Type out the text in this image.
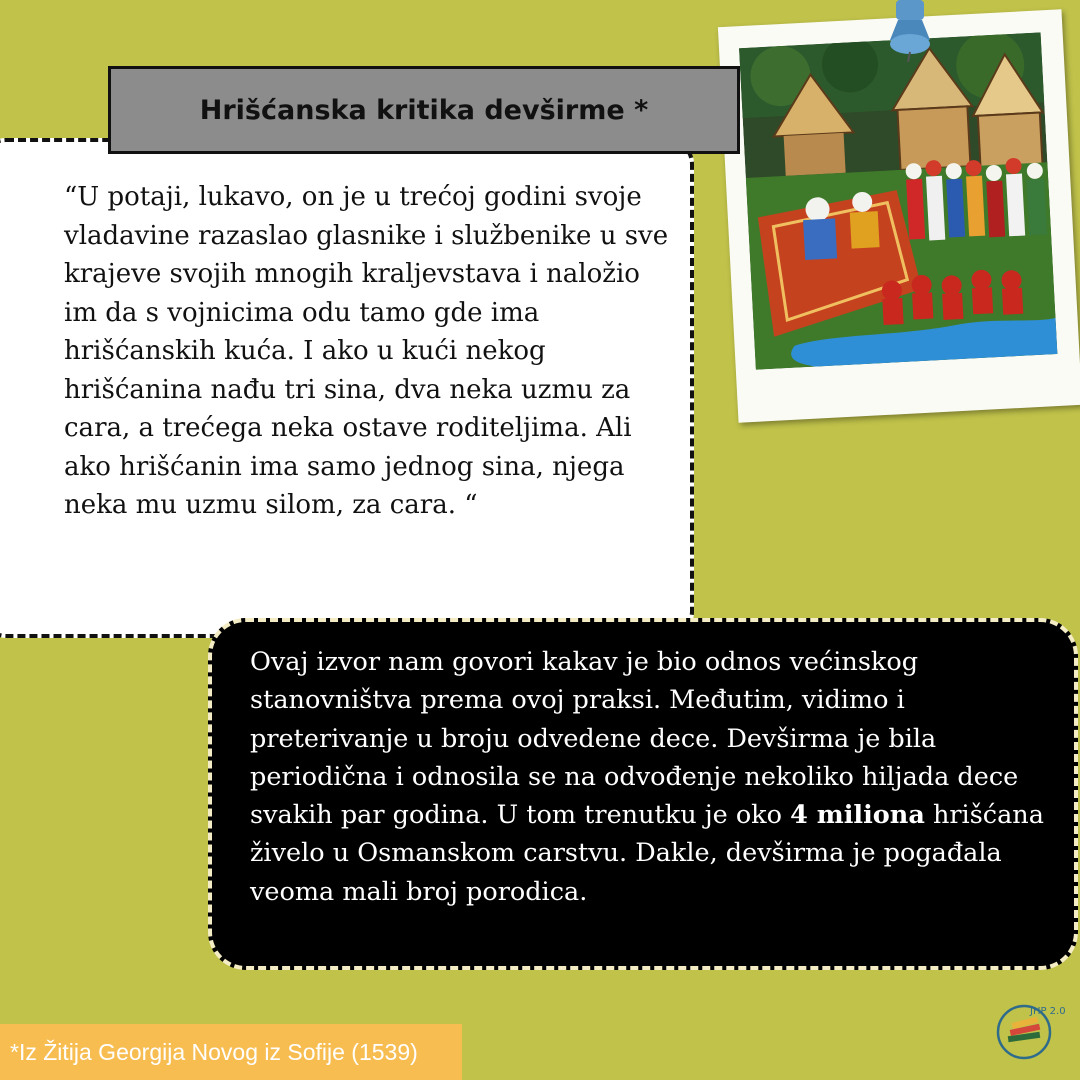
Hrišćanska kritika devširme *

“U potaji, lukavo, on je u trećoj godini svoje vladavine razaslao glasnike i službenike u sve krajeve svojih mnogih kraljevstava i naložio im da s vojnicima odu tamo gde ima hrišćanskih kuća. I ako u kući nekog hrišćanina nađu tri sina, dva neka uzmu za cara, a trećega neka ostave roditeljima. Ali ako hrišćanin ima samo jednog sina, njega neka mu uzmu silom, za cara. “

Ovaj izvor nam govori kakav je bio odnos većinskog stanovništva prema ovoj praksi. Međutim, vidimo i preterivanje u broju odvedene dece. Devširma je bila periodična i odnosila se na odvođenje nekoliko hiljada dece svakih par godina. U tom trenutku je oko 4 miliona hrišćana živelo u Osmanskom carstvu. Dakle, devširma je pogađala veoma mali broj porodica.

*Iz Žitija Georgija Novog iz Sofije (1539)
JHP 2.0
